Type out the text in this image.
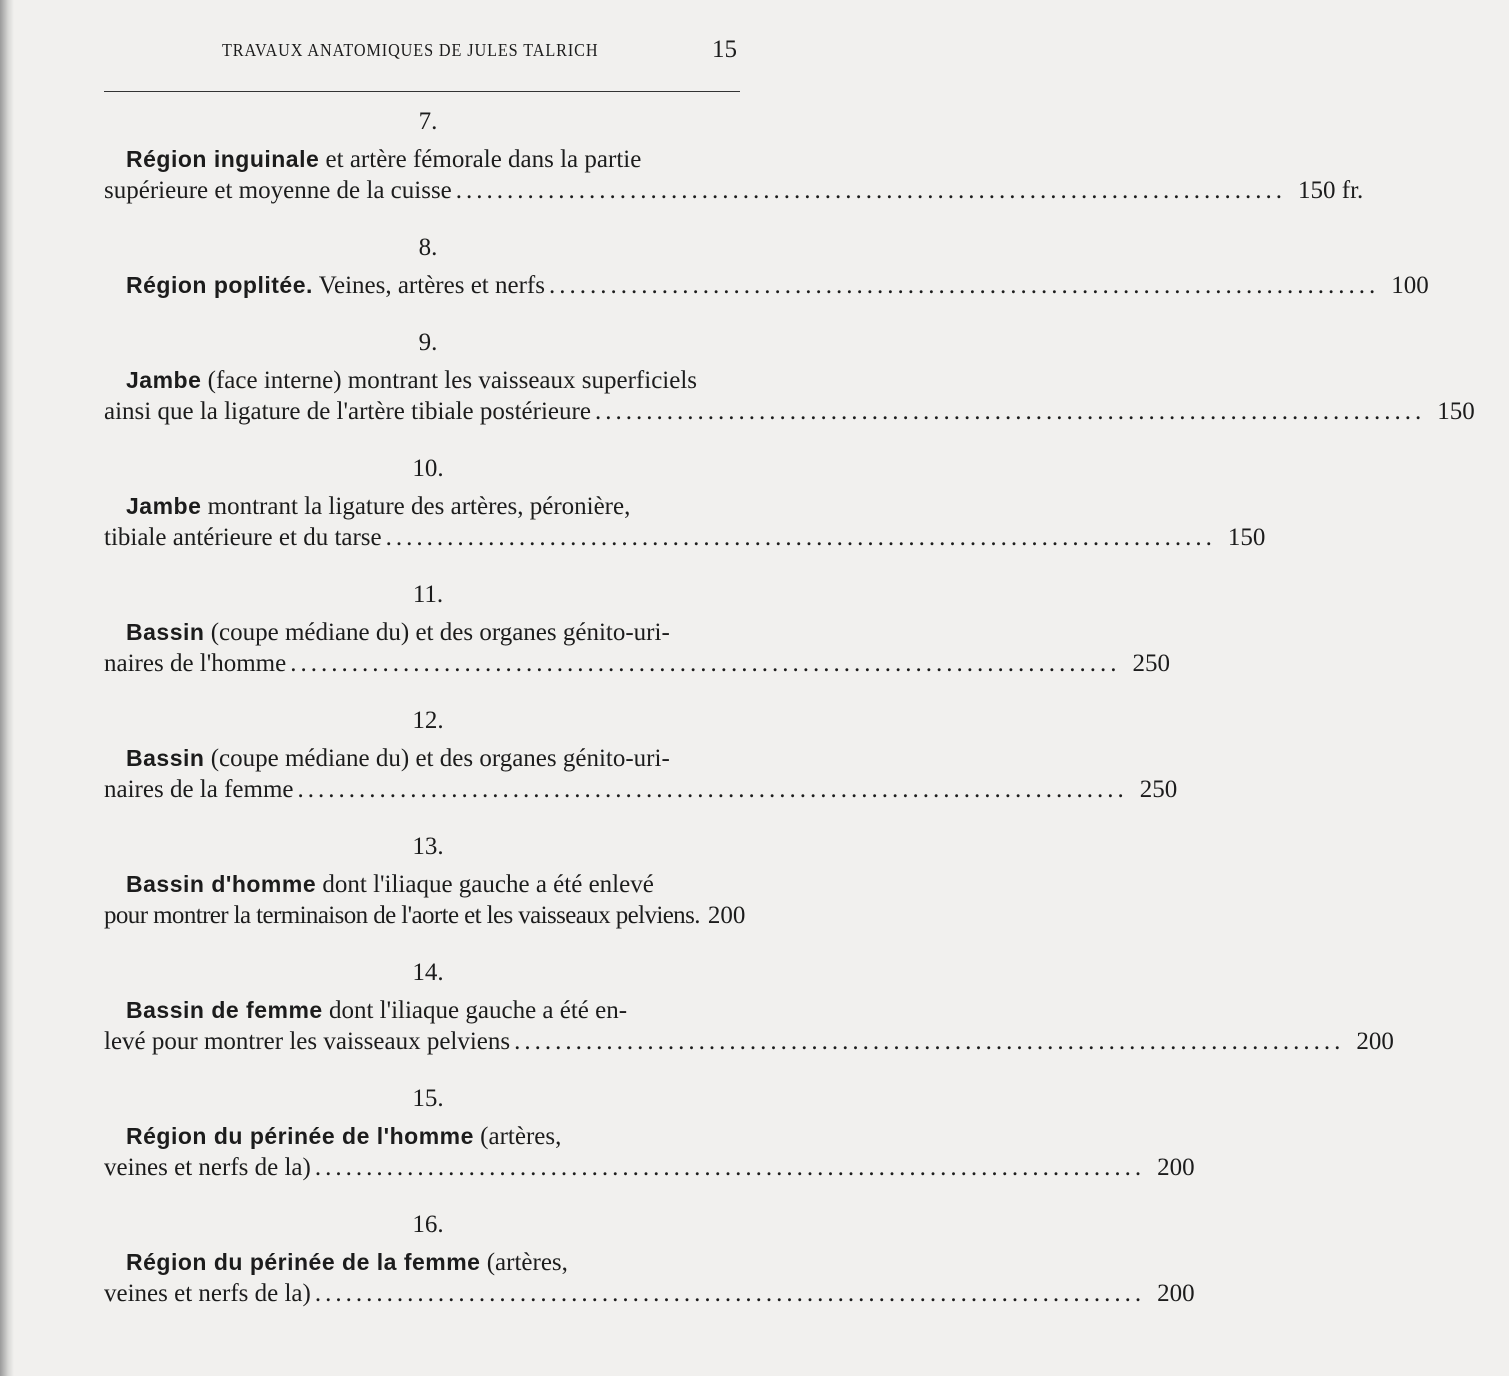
TRAVAUX ANATOMIQUES DE JULES TALRICH	15
7.
Région inguinale et artère fémorale dans la partie
supérieure et moyenne de la cuisse ................................................................................. 150 fr.
8.
Région poplitée. Veines, artères et nerfs ................................................................................. 100
9.
Jambe (face interne) montrant les vaisseaux superficiels
ainsi que la ligature de l'artère tibiale postérieure ................................................................................. 150
10.
Jambe montrant la ligature des artères, péronière,
tibiale antérieure et du tarse ................................................................................. 150
11.
Bassin (coupe médiane du) et des organes génito-uri-
naires de l'homme ................................................................................. 250
12.
Bassin (coupe médiane du) et des organes génito-uri-
naires de la femme ................................................................................. 250
13.
Bassin d'homme dont l'iliaque gauche a été enlevé
pour montrer la terminaison de l'aorte et les vaisseaux pelviens. 200
14.
Bassin de femme dont l'iliaque gauche a été en-
levé pour montrer les vaisseaux pelviens ................................................................................. 200
15.
Région du périnée de l'homme (artères,
veines et nerfs de la) ................................................................................. 200
16.
Région du périnée de la femme (artères,
veines et nerfs de la) ................................................................................. 200
